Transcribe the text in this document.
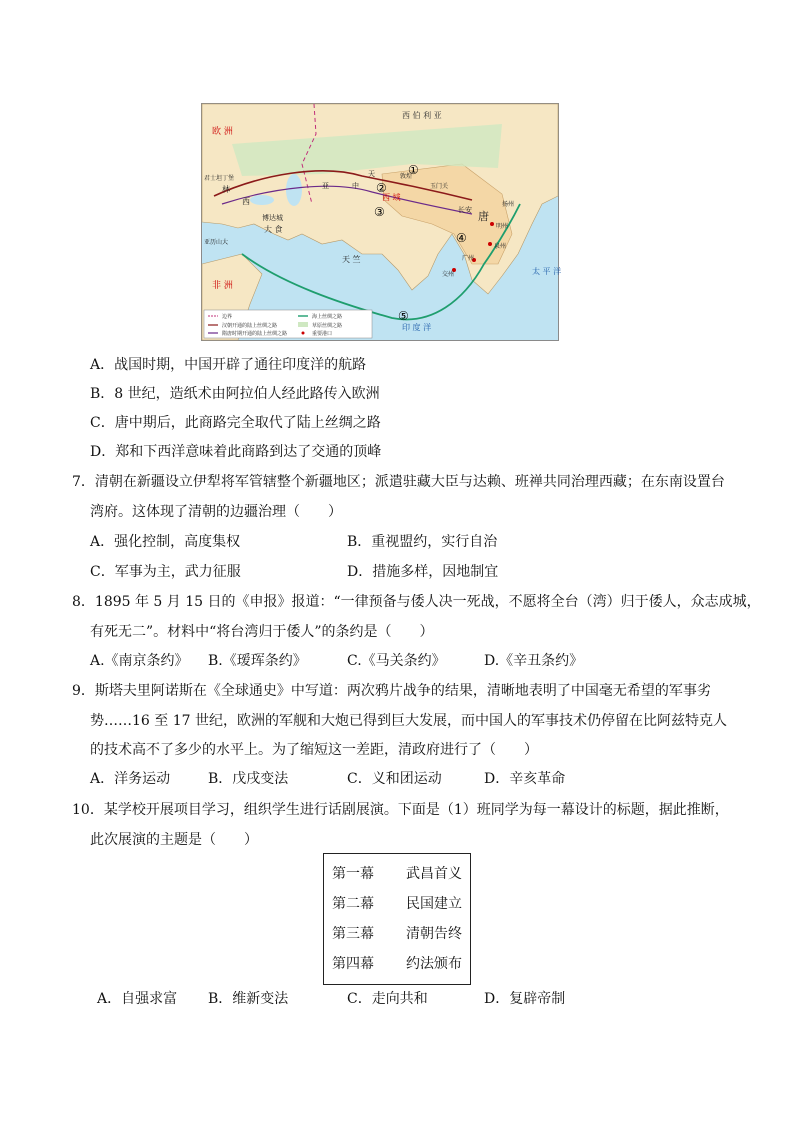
欧 洲
西 伯 利 亚
君士坦丁堡
林
西
博达城
大 食
亚历山大
非 洲
天 竺
唐
长安
中
亚
天	敦煌
玉门关
西 域
明州
泉州
扬州
广州
交州	太 平 洋
印 度 洋
①
②
③
④
⑤
边界
汉朝开通的陆上丝绸之路
隋唐时期开通的陆上丝绸之路
海上丝绸之路
草原丝绸之路
重要港口
A．战国时期，中国开辟了通往印度洋的航路
B．8 世纪，造纸术由阿拉伯人经此路传入欧洲
C．唐中期后，此商路完全取代了陆上丝绸之路
D．郑和下西洋意味着此商路到达了交通的顶峰
7．清朝在新疆设立伊犁将军管辖整个新疆地区；派遣驻藏大臣与达赖、班禅共同治理西藏；在东南设置台
湾府。这体现了清朝的边疆治理（　　）
A．强化控制，高度集权	B．重视盟约，实行自治
C．军事为主，武力征服	D．措施多样，因地制宜
8．1895 年 5 月 15 日的《申报》报道：“一律预备与倭人决一死战，不愿将全台（湾）归于倭人，众志成城，
有死无二”。材料中“将台湾归于倭人”的条约是（　　）
A.《南京条约》 B.《瑷珲条约》	C.《马关条约》	D.《辛丑条约》
9．斯塔夫里阿诺斯在《全球通史》中写道：两次鸦片战争的结果，清晰地表明了中国毫无希望的军事劣
势……16 至 17 世纪，欧洲的军舰和大炮已得到巨大发展，而中国人的军事技术仍停留在比阿兹特克人
的技术高不了多少的水平上。为了缩短这一差距，清政府进行了（　　）
A．洋务运动	B．戊戌变法	C．义和团运动	D．辛亥革命
10．某学校开展项目学习，组织学生进行话剧展演。下面是（1）班同学为每一幕设计的标题，据此推断，
此次展演的主题是（　　）
第一幕 武昌首义
第二幕 民国建立
第三幕 清朝告终
第四幕 约法颁布
A．自强求富 B．维新变法	C．走向共和	D．复辟帝制
